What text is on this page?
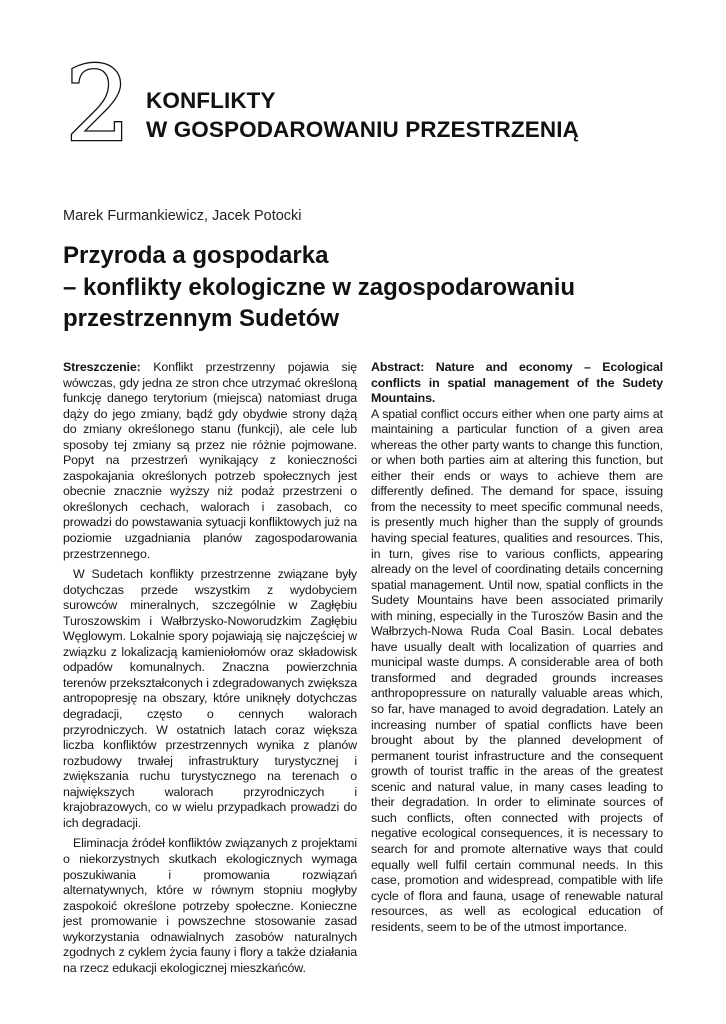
2 KONFLIKTY
W GOSPODAROWANIU PRZESTRZENIĄ
Marek Furmankiewicz, Jacek Potocki
Przyroda a gospodarka
– konflikty ekologiczne w zagospodarowaniu
przestrzennym Sudetów

Streszczenie: Konflikt przestrzenny pojawia się wówczas, gdy jedna ze stron chce utrzymać określoną funkcję danego terytorium (miejsca) natomiast druga dąży do jego zmiany, bądź gdy obydwie strony dążą do zmiany określonego stanu (funkcji), ale cele lub sposoby tej zmiany są przez nie różnie pojmowane. Popyt na przestrzeń wynikający z konieczności zaspokajania określonych potrzeb społecznych jest obecnie znacznie wyższy niż podaż przestrzeni o określonych cechach, walorach i zasobach, co prowadzi do powstawania sytuacji konfliktowych już na poziomie uzgadniania planów zagospodarowania przestrzennego.

W Sudetach konflikty przestrzenne związane były dotychczas przede wszystkim z wydobyciem surowców mineralnych, szczególnie w Zagłębiu Turoszowskim i Wałbrzysko-Noworudzkim Zagłębiu Węglowym. Lokalnie spory pojawiają się najczęściej w związku z lokalizacją kamieniołomów oraz składowisk odpadów komunalnych. Znaczna powierzchnia terenów przekształconych i zdegradowanych zwiększa antropopresję na obszary, które uniknęły dotychczas degradacji, często o cennych walorach przyrodniczych. W ostatnich latach coraz większa liczba konfliktów przestrzennych wynika z planów rozbudowy trwałej infrastruktury turystycznej i zwiększania ruchu turystycznego na terenach o największych walorach przyrodniczych i krajobrazowych, co w wielu przypadkach prowadzi do ich degradacji.

Eliminacja źródeł konfliktów związanych z projektami o niekorzystnych skutkach ekologicznych wymaga poszukiwania i promowania rozwiązań alternatywnych, które w równym stopniu mogłyby zaspokoić określone potrzeby społeczne. Konieczne jest promowanie i powszechne stosowanie zasad wykorzystania odnawialnych zasobów naturalnych zgodnych z cyklem życia fauny i flory a także działania na rzecz edukacji ekologicznej mieszkańców.

Abstract: Nature and economy – Ecological conflicts in spatial management of the Sudety Mountains.

A spatial conflict occurs either when one party aims at maintaining a particular function of a given area whereas the other party wants to change this function, or when both parties aim at altering this function, but either their ends or ways to achieve them are differently defined. The demand for space, issuing from the necessity to meet specific communal needs, is presently much higher than the supply of grounds having special features, qualities and resources. This, in turn, gives rise to various conflicts, appearing already on the level of coordinating details concerning spatial management. Until now, spatial conflicts in the Sudety Mountains have been associated primarily with mining, especially in the Turoszów Basin and the Wałbrzych-Nowa Ruda Coal Basin. Local debates have usually dealt with localization of quarries and municipal waste dumps. A considerable area of both transformed and degraded grounds increases anthropopressure on naturally valuable areas which, so far, have managed to avoid degradation. Lately an increasing number of spatial conflicts have been brought about by the planned development of permanent tourist infrastructure and the consequent growth of tourist traffic in the areas of the greatest scenic and natural value, in many cases leading to their degradation. In order to eliminate sources of such conflicts, often connected with projects of negative ecological consequences, it is necessary to search for and promote alternative ways that could equally well fulfil certain communal needs. In this case, promotion and widespread, compatible with life cycle of flora and fauna, usage of renewable natural resources, as well as ecological education of residents, seem to be of the utmost importance.
